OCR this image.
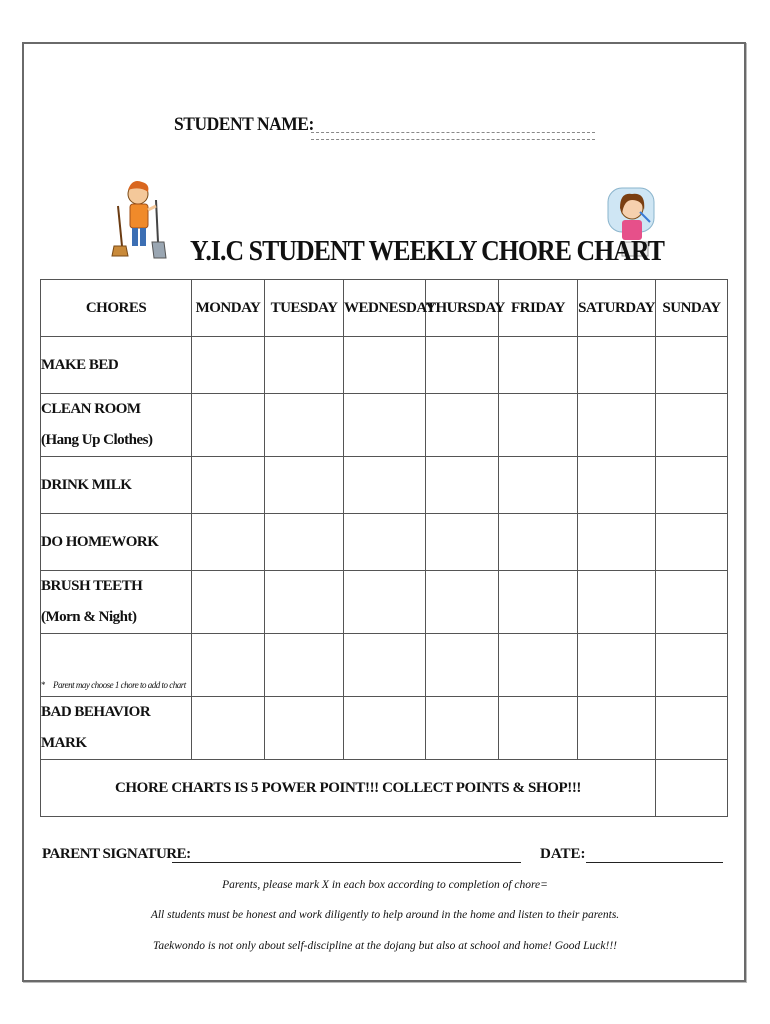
STUDENT NAME:
Y.I.C STUDENT WEEKLY CHORE CHART
CHORES	MONDAY	TUESDAY	WEDNESDAY	THURSDAY	FRIDAY	SATURDAY	SUNDAY
MAKE BED							

CLEAN ROOM
(Hang Up Clothes)							

DRINK MILK							
DO HOMEWORK							

BRUSH TEETH
(Morn & Night)							

* Parent may choose 1 chore to add to chart							
BAD BEHAVIOR MARK							
CHORE CHARTS IS 5 POWER POINT!!! COLLECT POINTS & SHOP!!!							
PARENT SIGNATURE:	DATE:
Parents, please mark X in each box according to completion of chore=
All students must be honest and work diligently to help around in the home and listen to their parents.
Taekwondo is not only about self-discipline at the dojang but also at school and home! Good Luck!!!
